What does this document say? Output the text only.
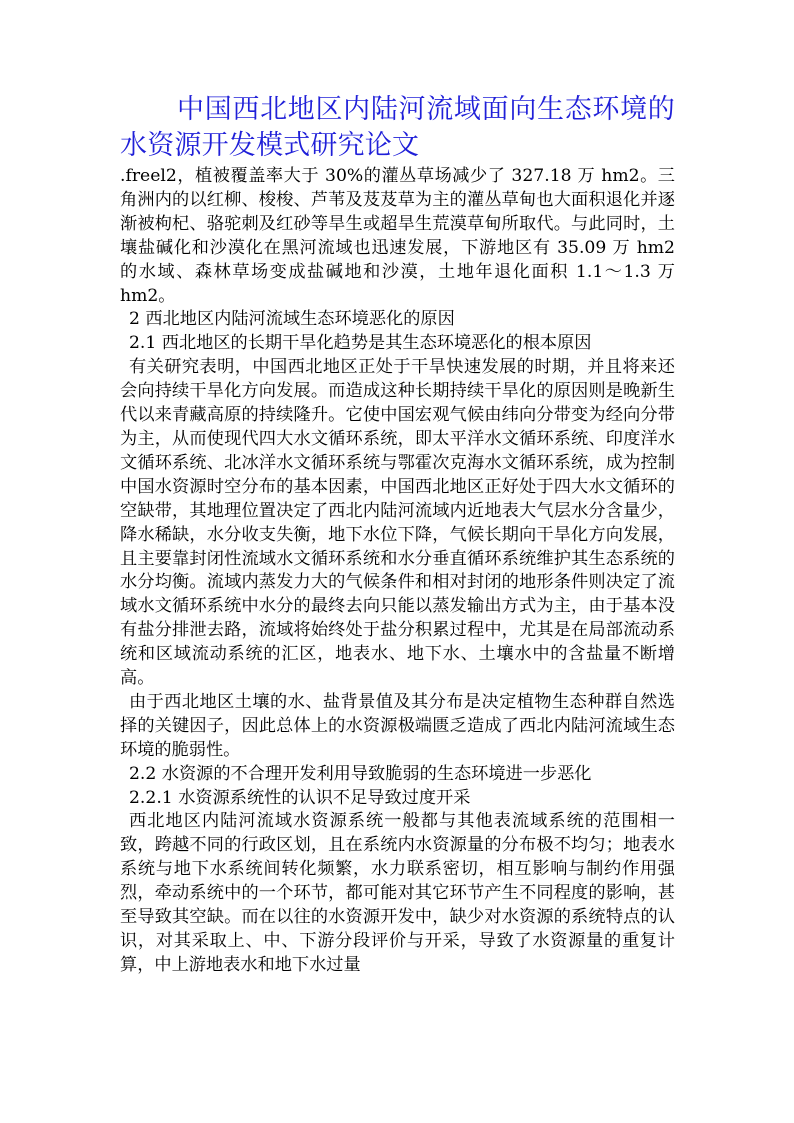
中国西北地区内陆河流域面向生态环境的水资源开发模式研究论文

.freel2，植被覆盖率大于 30%的灌丛草场减少了 327.18 万 hm2。三角洲内的以红柳、梭梭、芦苇及芨芨草为主的灌丛草甸也大面积退化并逐渐被枸杞、骆驼刺及红砂等旱生或超旱生荒漠草甸所取代。与此同时，土壤盐碱化和沙漠化在黑河流域也迅速发展，下游地区有 35.09 万 hm2 的水域、森林草场变成盐碱地和沙漠，土地年退化面积 1.1～1.3 万 hm2。

2 西北地区内陆河流域生态环境恶化的原因

2.1 西北地区的长期干旱化趋势是其生态环境恶化的根本原因

有关研究表明，中国西北地区正处于干旱快速发展的时期，并且将来还会向持续干旱化方向发展。而造成这种长期持续干旱化的原因则是晚新生代以来青藏高原的持续隆升。它使中国宏观气候由纬向分带变为经向分带为主，从而使现代四大水文循环系统，即太平洋水文循环系统、印度洋水文循环系统、北冰洋水文循环系统与鄂霍次克海水文循环系统，成为控制中国水资源时空分布的基本因素，中国西北地区正好处于四大水文循环的空缺带，其地理位置决定了西北内陆河流域内近地表大气层水分含量少，降水稀缺，水分收支失衡，地下水位下降，气候长期向干旱化方向发展，且主要靠封闭性流域水文循环系统和水分垂直循环系统维护其生态系统的水分均衡。流域内蒸发力大的气候条件和相对封闭的地形条件则决定了流域水文循环系统中水分的最终去向只能以蒸发输出方式为主，由于基本没有盐分排泄去路，流域将始终处于盐分积累过程中，尤其是在局部流动系统和区域流动系统的汇区，地表水、地下水、土壤水中的含盐量不断增高。

由于西北地区土壤的水、盐背景值及其分布是决定植物生态种群自然选择的关键因子，因此总体上的水资源极端匮乏造成了西北内陆河流域生态环境的脆弱性。

2.2 水资源的不合理开发利用导致脆弱的生态环境进一步恶化

2.2.1 水资源系统性的认识不足导致过度开采

西北地区内陆河流域水资源系统一般都与其他表流域系统的范围相一致，跨越不同的行政区划，且在系统内水资源量的分布极不均匀；地表水系统与地下水系统间转化频繁，水力联系密切，相互影响与制约作用强烈，牵动系统中的一个环节，都可能对其它环节产生不同程度的影响，甚至导致其空缺。而在以往的水资源开发中，缺少对水资源的系统特点的认识，对其采取上、中、下游分段评价与开采，导致了水资源量的重复计算，中上游地表水和地下水过量
